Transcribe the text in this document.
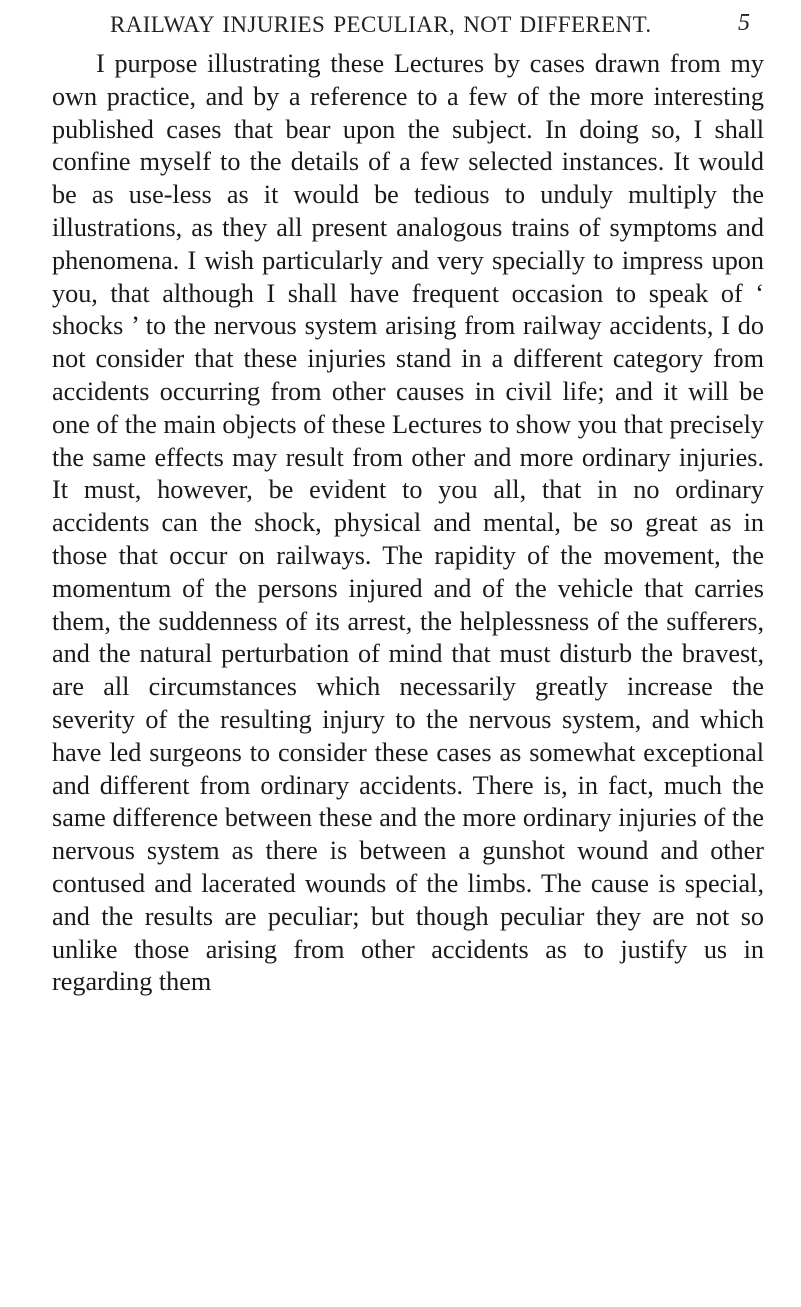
RAILWAY INJURIES PECULIAR, NOT DIFFERENT.	5

I purpose illustrating these Lectures by cases drawn from my own practice, and by a reference to a few of the more interesting published cases that bear upon the subject. In doing so, I shall confine myself to the details of a few selected instances. It would be as use-less as it would be tedious to unduly multiply the illustrations, as they all present analogous trains of symptoms and phenomena. I wish particularly and very specially to impress upon you, that although I shall have frequent occasion to speak of ‘ shocks ’ to the nervous system arising from railway accidents, I do not consider that these injuries stand in a different category from accidents occurring from other causes in civil life; and it will be one of the main objects of these Lectures to show you that precisely the same effects may result from other and more ordinary injuries. It must, however, be evident to you all, that in no ordinary accidents can the shock, physical and mental, be so great as in those that occur on railways. The rapidity of the movement, the momentum of the persons injured and of the vehicle that carries them, the suddenness of its arrest, the helplessness of the sufferers, and the natural perturbation of mind that must disturb the bravest, are all circumstances which necessarily greatly increase the severity of the resulting injury to the nervous system, and which have led surgeons to consider these cases as somewhat exceptional and different from ordinary accidents. There is, in fact, much the same difference between these and the more ordinary injuries of the nervous system as there is between a gunshot wound and other contused and lacerated wounds of the limbs. The cause is special, and the results are peculiar; but though peculiar they are not so unlike those arising from other accidents as to justify us in regarding them
